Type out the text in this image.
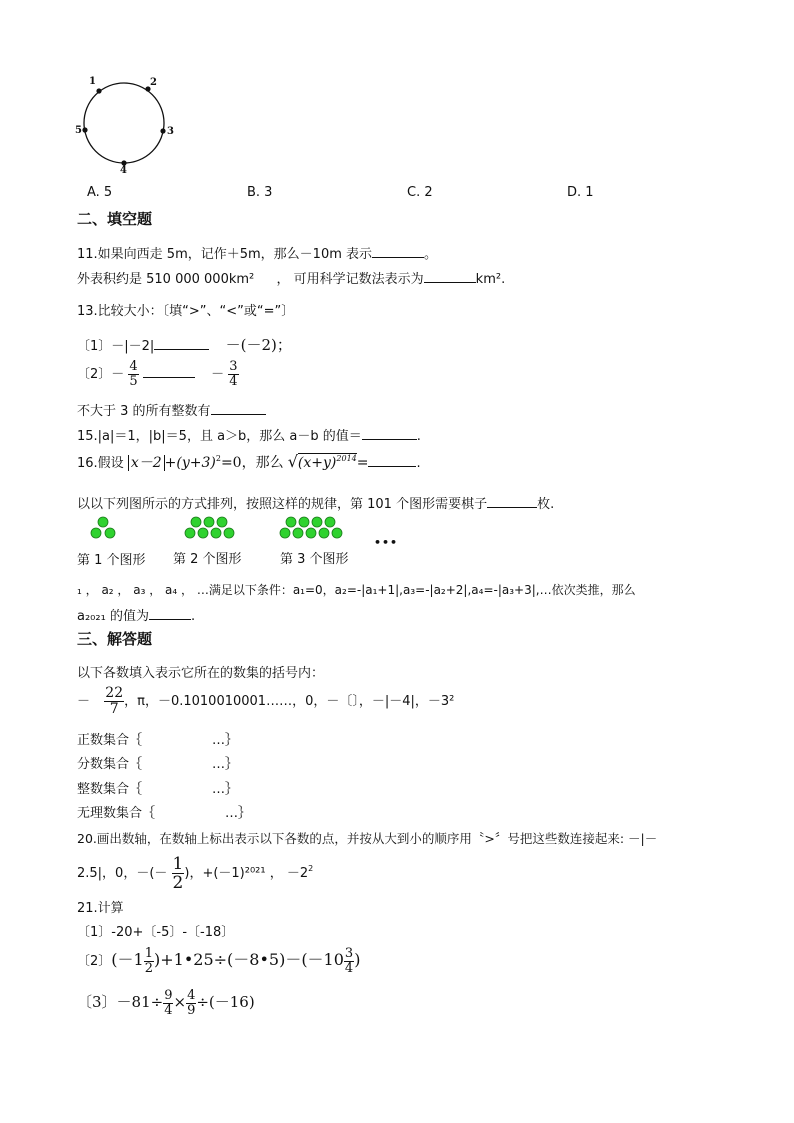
1	2
3
4
5
A. 5	B. 3	C. 2	D. 1
二、填空题
11.如果向西走 5m，记作＋5m，那么－10m 表示	。
外表积约是 510 000 000km² ， 可用科学记数法表示为	km².
13.比较大小：〔填“>”、“<”或“=”〕
〔1〕－|－2|	－(－2)；
〔2〕－ $\frac{4}{5}$	－ $\frac{3}{4}$
不大于 3 的所有整数有
15.|a|＝1，|b|＝5，且 a＞b，那么 a－b 的值＝	.
16.假设 $x-2 +(y+3)^2=0$，那么 $√(x+y)^{2014}=$	.
以以下列图所示的方式排列，按照这样的规律，第 101 个图形需要棋子	枚.
•••
第 1 个图形 第 2 个图形	第 3 个图形
₁ ， a₂ ， a₃ ， a₄ ， …满足以下条件：a₁=0，a₂=-|a₁+1|,a₃=-|a₂+2|,a₄=-|a₃+3|,…依次类推，那么
a₂₀₂₁ 的值为	.
三、解答题
以下各数填入表示它所在的数集的括号内：
－ $\frac{22}{7}$ ，π，－0.1010010001……，0，－〔〕，－|－4|，－3²
正数集合｛	…｝
分数集合｛	…｝
整数集合｛	…｝
无理数集合｛	…｝
20.画出数轴，在数轴上标出表示以下各数的点，并按从大到小的顺序用〝>〞号把这些数连接起来: －|－
2.5|，0，－(－ $\frac{1}{2}$ )，+(－1)²⁰²¹ ， $-2^2$
21.计算
〔1〕-20+〔-5〕-〔-18〕
〔2〕($-1 \frac{1}{2}$ )+1•25÷(－8•5)－(－10 $\frac{3}{4}$ )
〔3〕$-81\div \frac{9}{4} \times \frac{4}{9} \div(-16)$
